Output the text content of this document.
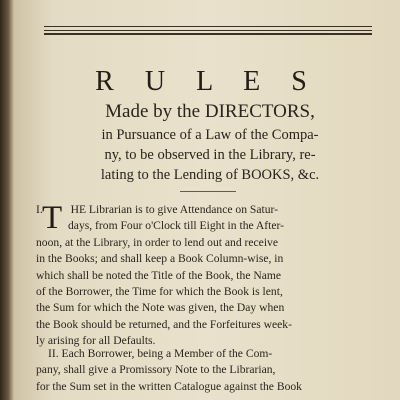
R U L E S
Made by the DIRECTORS,
in Pursuance of a Law of the Compa-
ny, to be observed in the Library, re-
lating to the Lending of BOOKS, &c.
I. HE Librarian is to give Attendance on Satur-
days, from Four o'Clock till Eight in the After-
noon, at the Library, in order to lend out and receive
in the Books; and shall keep a Book Column-wise, in
which shall be noted the Title of the Book, the Name
of the Borrower, the Time for which the Book is lent,
the Sum for which the Note was given, the Day when
the Book should be returned, and the Forfeitures week-
ly arising for all Defaults.
T
II. Each Borrower, being a Member of the Com-
pany, shall give a Promissory Note to the Librarian,
for the Sum set in the written Catalogue against the Book
